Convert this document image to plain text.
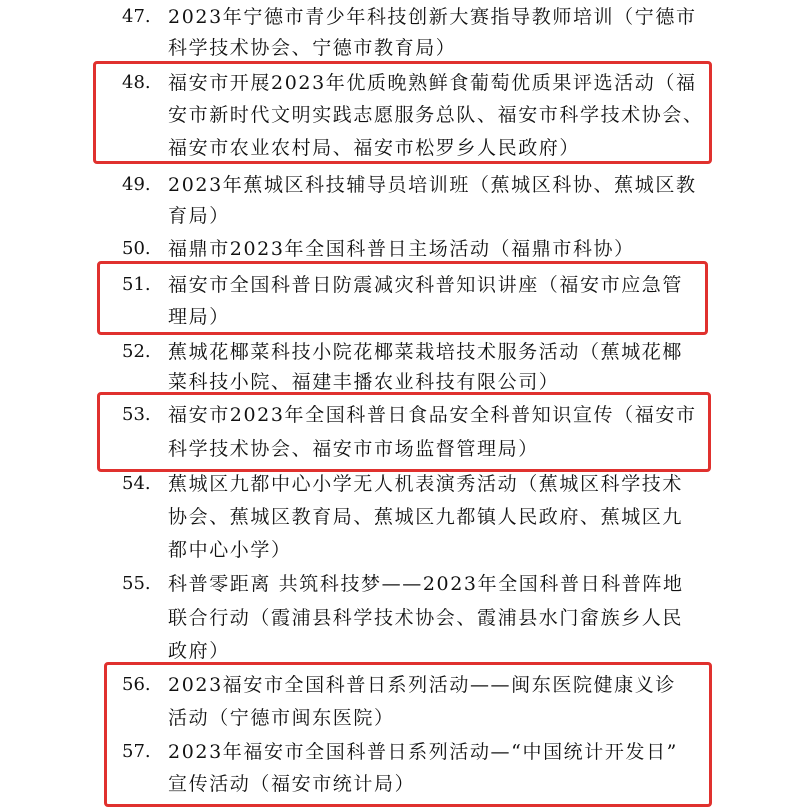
47. 2023年宁德市青少年科技创新大赛指导教师培训（宁德市
科学技术协会、宁德市教育局）
48. 福安市开展2023年优质晚熟鲜食葡萄优质果评选活动（福
安市新时代文明实践志愿服务总队、福安市科学技术协会、
福安市农业农村局、福安市松罗乡人民政府）
49. 2023年蕉城区科技辅导员培训班（蕉城区科协、蕉城区教
育局）
50. 福鼎市2023年全国科普日主场活动（福鼎市科协）
51. 福安市全国科普日防震减灾科普知识讲座（福安市应急管
理局）
52. 蕉城花椰菜科技小院花椰菜栽培技术服务活动（蕉城花椰
菜科技小院、福建丰播农业科技有限公司）
53. 福安市2023年全国科普日食品安全科普知识宣传（福安市
科学技术协会、福安市市场监督管理局）
54. 蕉城区九都中心小学无人机表演秀活动（蕉城区科学技术
协会、蕉城区教育局、蕉城区九都镇人民政府、蕉城区九
都中心小学）
55. 科普零距离 共筑科技梦——2023年全国科普日科普阵地
联合行动（霞浦县科学技术协会、霞浦县水门畲族乡人民
政府）
56. 2023福安市全国科普日系列活动——闽东医院健康义诊
活动（宁德市闽东医院）
57. 2023年福安市全国科普日系列活动—“中国统计开发日”
宣传活动（福安市统计局）
